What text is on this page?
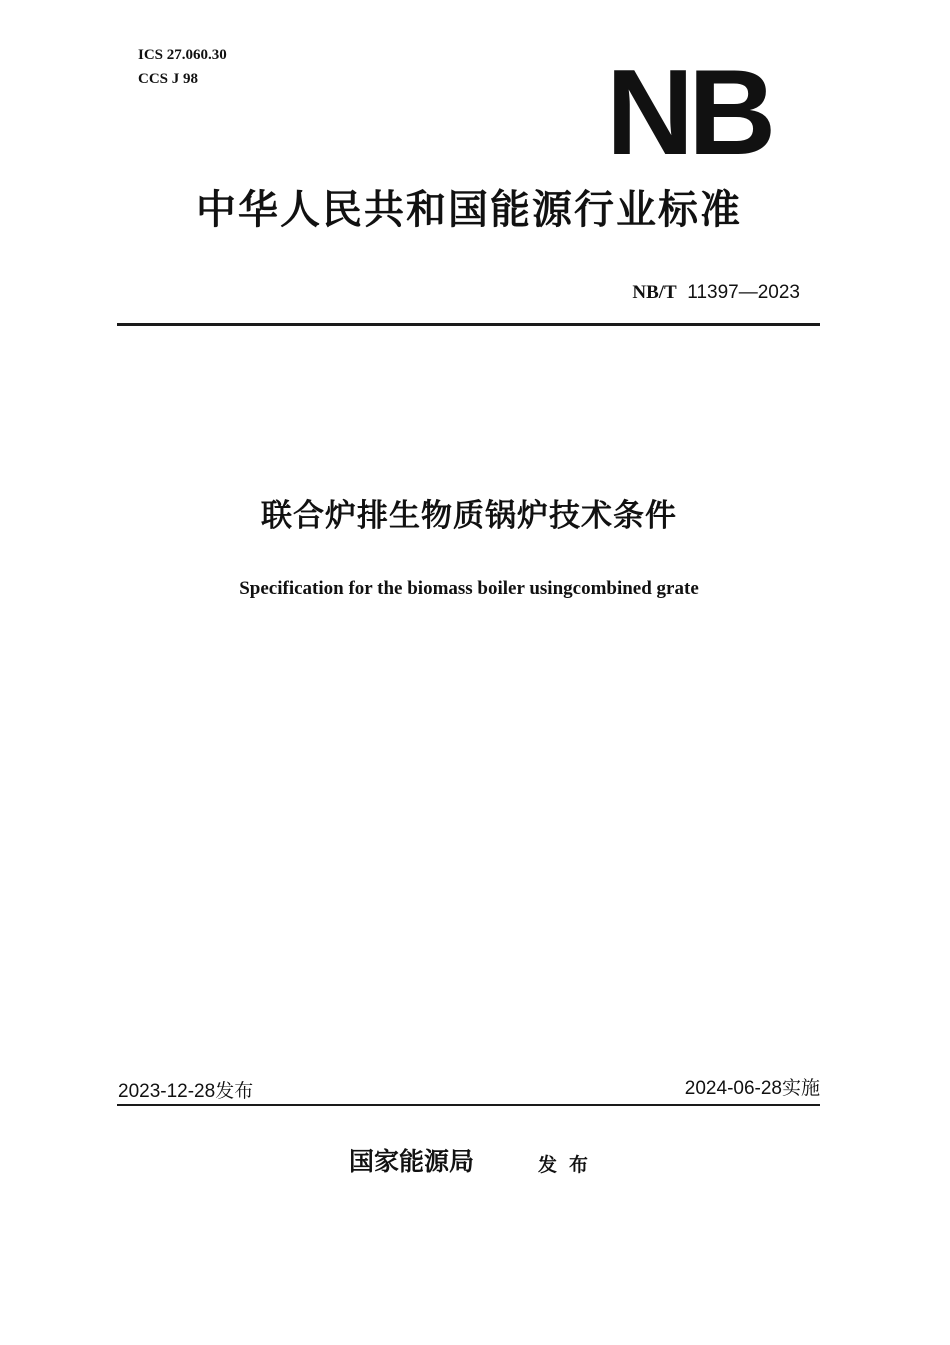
ICS 27.060.30
CCS J 98	NB
中华人民共和国能源行业标准
NB/T 11397—2023
联合炉排生物质锅炉技术条件
Specification for the biomass boiler usingcombined grate
2023-12-28发布	2024-06-28实施
国家能源局	发布
